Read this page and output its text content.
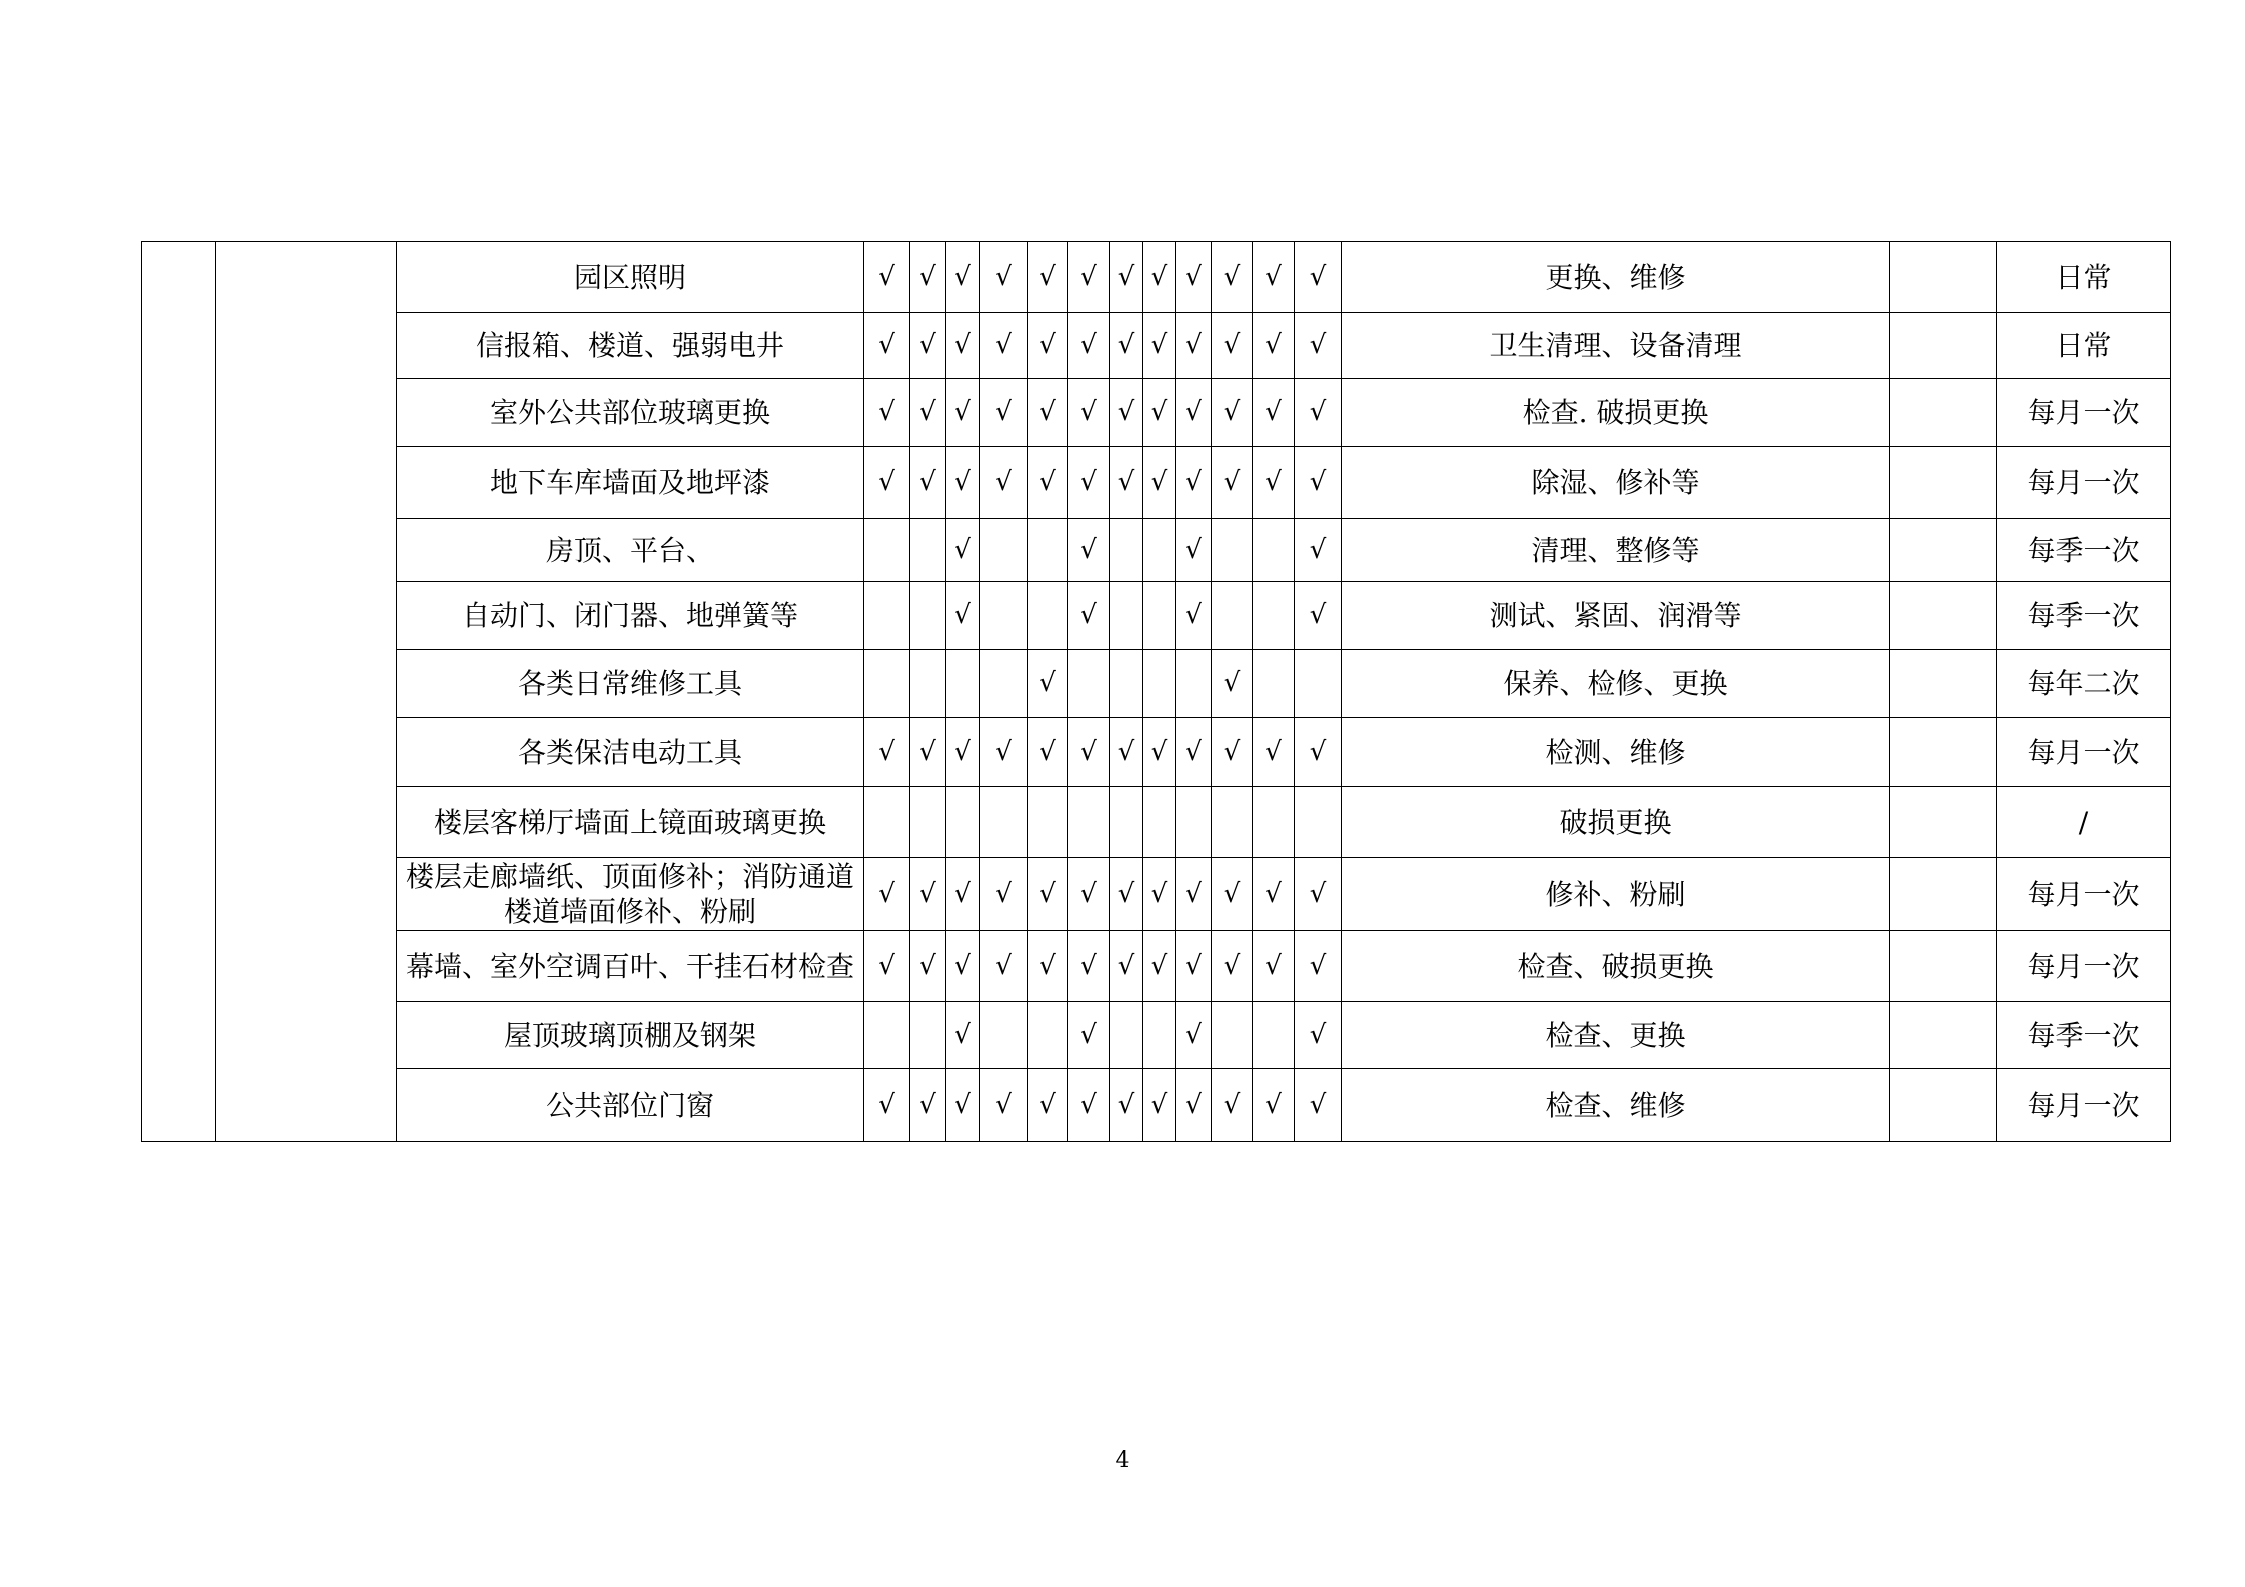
		园区照明	√	√	√	√	√	√	√	√	√	√	√	√	更换、维修		日常
		信报箱、楼道、强弱电井	√	√	√	√	√	√	√	√	√	√	√	√	卫生清理、设备清理		日常
		室外公共部位玻璃更换	√	√	√	√	√	√	√	√	√	√	√	√	检查. 破损更换		每月一次
		地下车库墙面及地坪漆	√	√	√	√	√	√	√	√	√	√	√	√	除湿、修补等		每月一次
		房顶、平台、			√			√			√			√	清理、整修等		每季一次
		自动门、闭门器、地弹簧等			√			√			√			√	测试、紧固、润滑等		每季一次
		各类日常维修工具					√					√			保养、检修、更换		每年二次
		各类保洁电动工具	√	√	√	√	√	√	√	√	√	√	√	√	检测、维修		每月一次
		楼层客梯厅墙面上镜面玻璃更换													破损更换		/
		楼层走廊墙纸、顶面修补；消防通道楼道墙面修补、粉刷	√	√	√	√	√	√	√	√	√	√	√	√	修补、粉刷		每月一次
		幕墙、室外空调百叶、干挂石材检查	√	√	√	√	√	√	√	√	√	√	√	√	检查、破损更换		每月一次
		屋顶玻璃顶棚及钢架			√			√			√			√	检查、更换		每季一次
		公共部位门窗	√	√	√	√	√	√	√	√	√	√	√	√	检查、维修		每月一次
4
